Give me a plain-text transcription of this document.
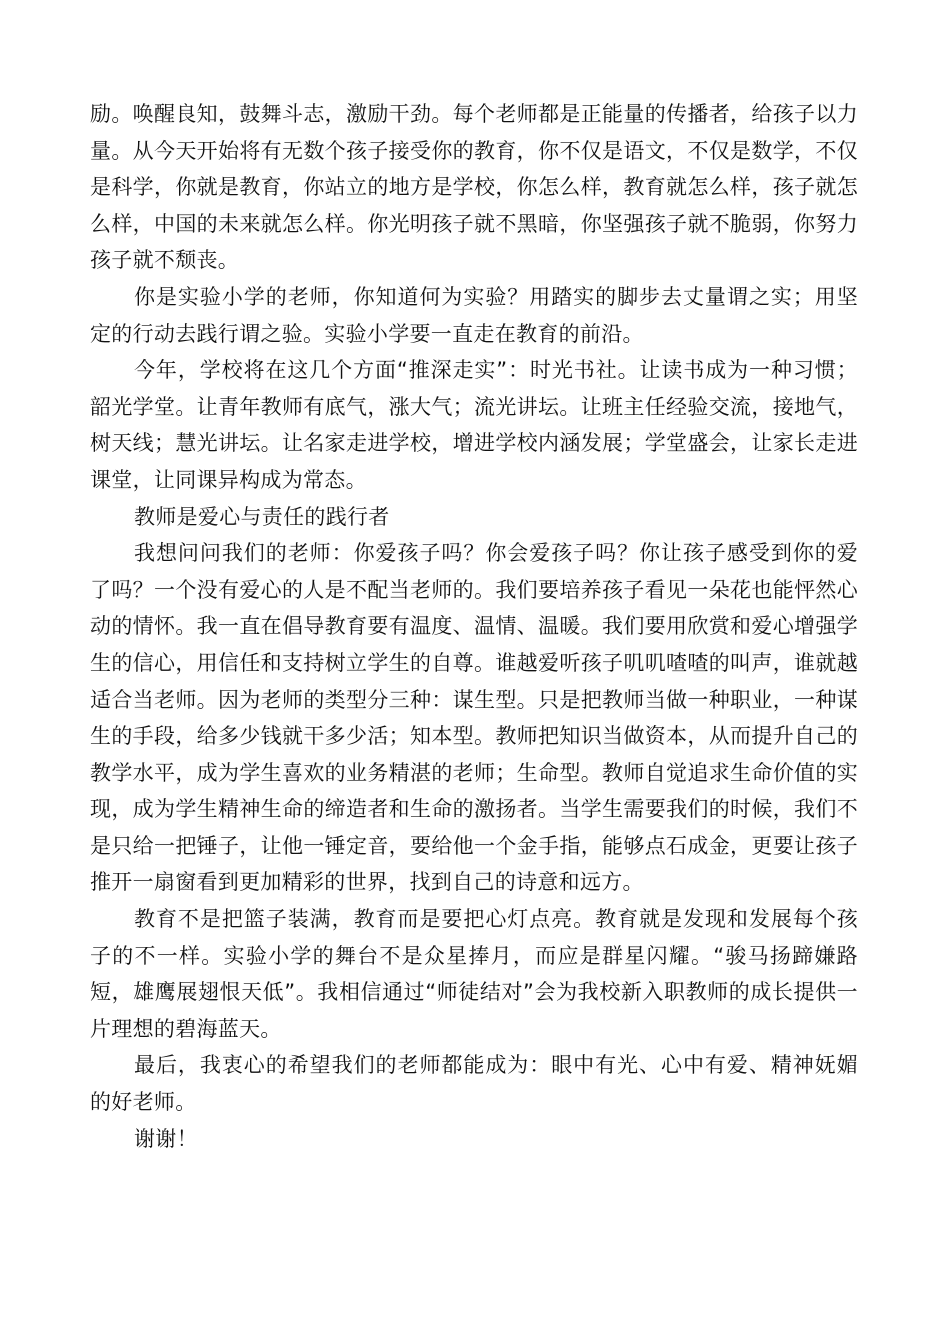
励。唤醒良知，鼓舞斗志，激励干劲。每个老师都是正能量的传播者，给孩子以力量。从今天开始将有无数个孩子接受你的教育，你不仅是语文，不仅是数学，不仅是科学，你就是教育，你站立的地方是学校，你怎么样，教育就怎么样，孩子就怎么样，中国的未来就怎么样。你光明孩子就不黑暗，你坚强孩子就不脆弱，你努力孩子就不颓丧。

你是实验小学的老师，你知道何为实验？用踏实的脚步去丈量谓之实；用坚定的行动去践行谓之验。实验小学要一直走在教育的前沿。

今年，学校将在这几个方面“推深走实”：时光书社。让读书成为一种习惯；韶光学堂。让青年教师有底气，涨大气；流光讲坛。让班主任经验交流，接地气，树天线；慧光讲坛。让名家走进学校，增进学校内涵发展；学堂盛会，让家长走进课堂，让同课异构成为常态。

教师是爱心与责任的践行者

我想问问我们的老师：你爱孩子吗？你会爱孩子吗？你让孩子感受到你的爱了吗？一个没有爱心的人是不配当老师的。我们要培养孩子看见一朵花也能怦然心动的情怀。我一直在倡导教育要有温度、温情、温暖。我们要用欣赏和爱心增强学生的信心，用信任和支持树立学生的自尊。谁越爱听孩子叽叽喳喳的叫声，谁就越适合当老师。因为老师的类型分三种：谋生型。只是把教师当做一种职业，一种谋生的手段，给多少钱就干多少活；知本型。教师把知识当做资本，从而提升自己的教学水平，成为学生喜欢的业务精湛的老师；生命型。教师自觉追求生命价值的实现，成为学生精神生命的缔造者和生命的激扬者。当学生需要我们的时候，我们不是只给一把锤子，让他一锤定音，要给他一个金手指，能够点石成金，更要让孩子推开一扇窗看到更加精彩的世界，找到自己的诗意和远方。

教育不是把篮子装满，教育而是要把心灯点亮。教育就是发现和发展每个孩子的不一样。实验小学的舞台不是众星捧月，而应是群星闪耀。“骏马扬蹄嫌路短，雄鹰展翅恨天低”。我相信通过“师徒结对”会为我校新入职教师的成长提供一片理想的碧海蓝天。

最后，我衷心的希望我们的老师都能成为：眼中有光、心中有爱、精神妩媚的好老师。

谢谢！
